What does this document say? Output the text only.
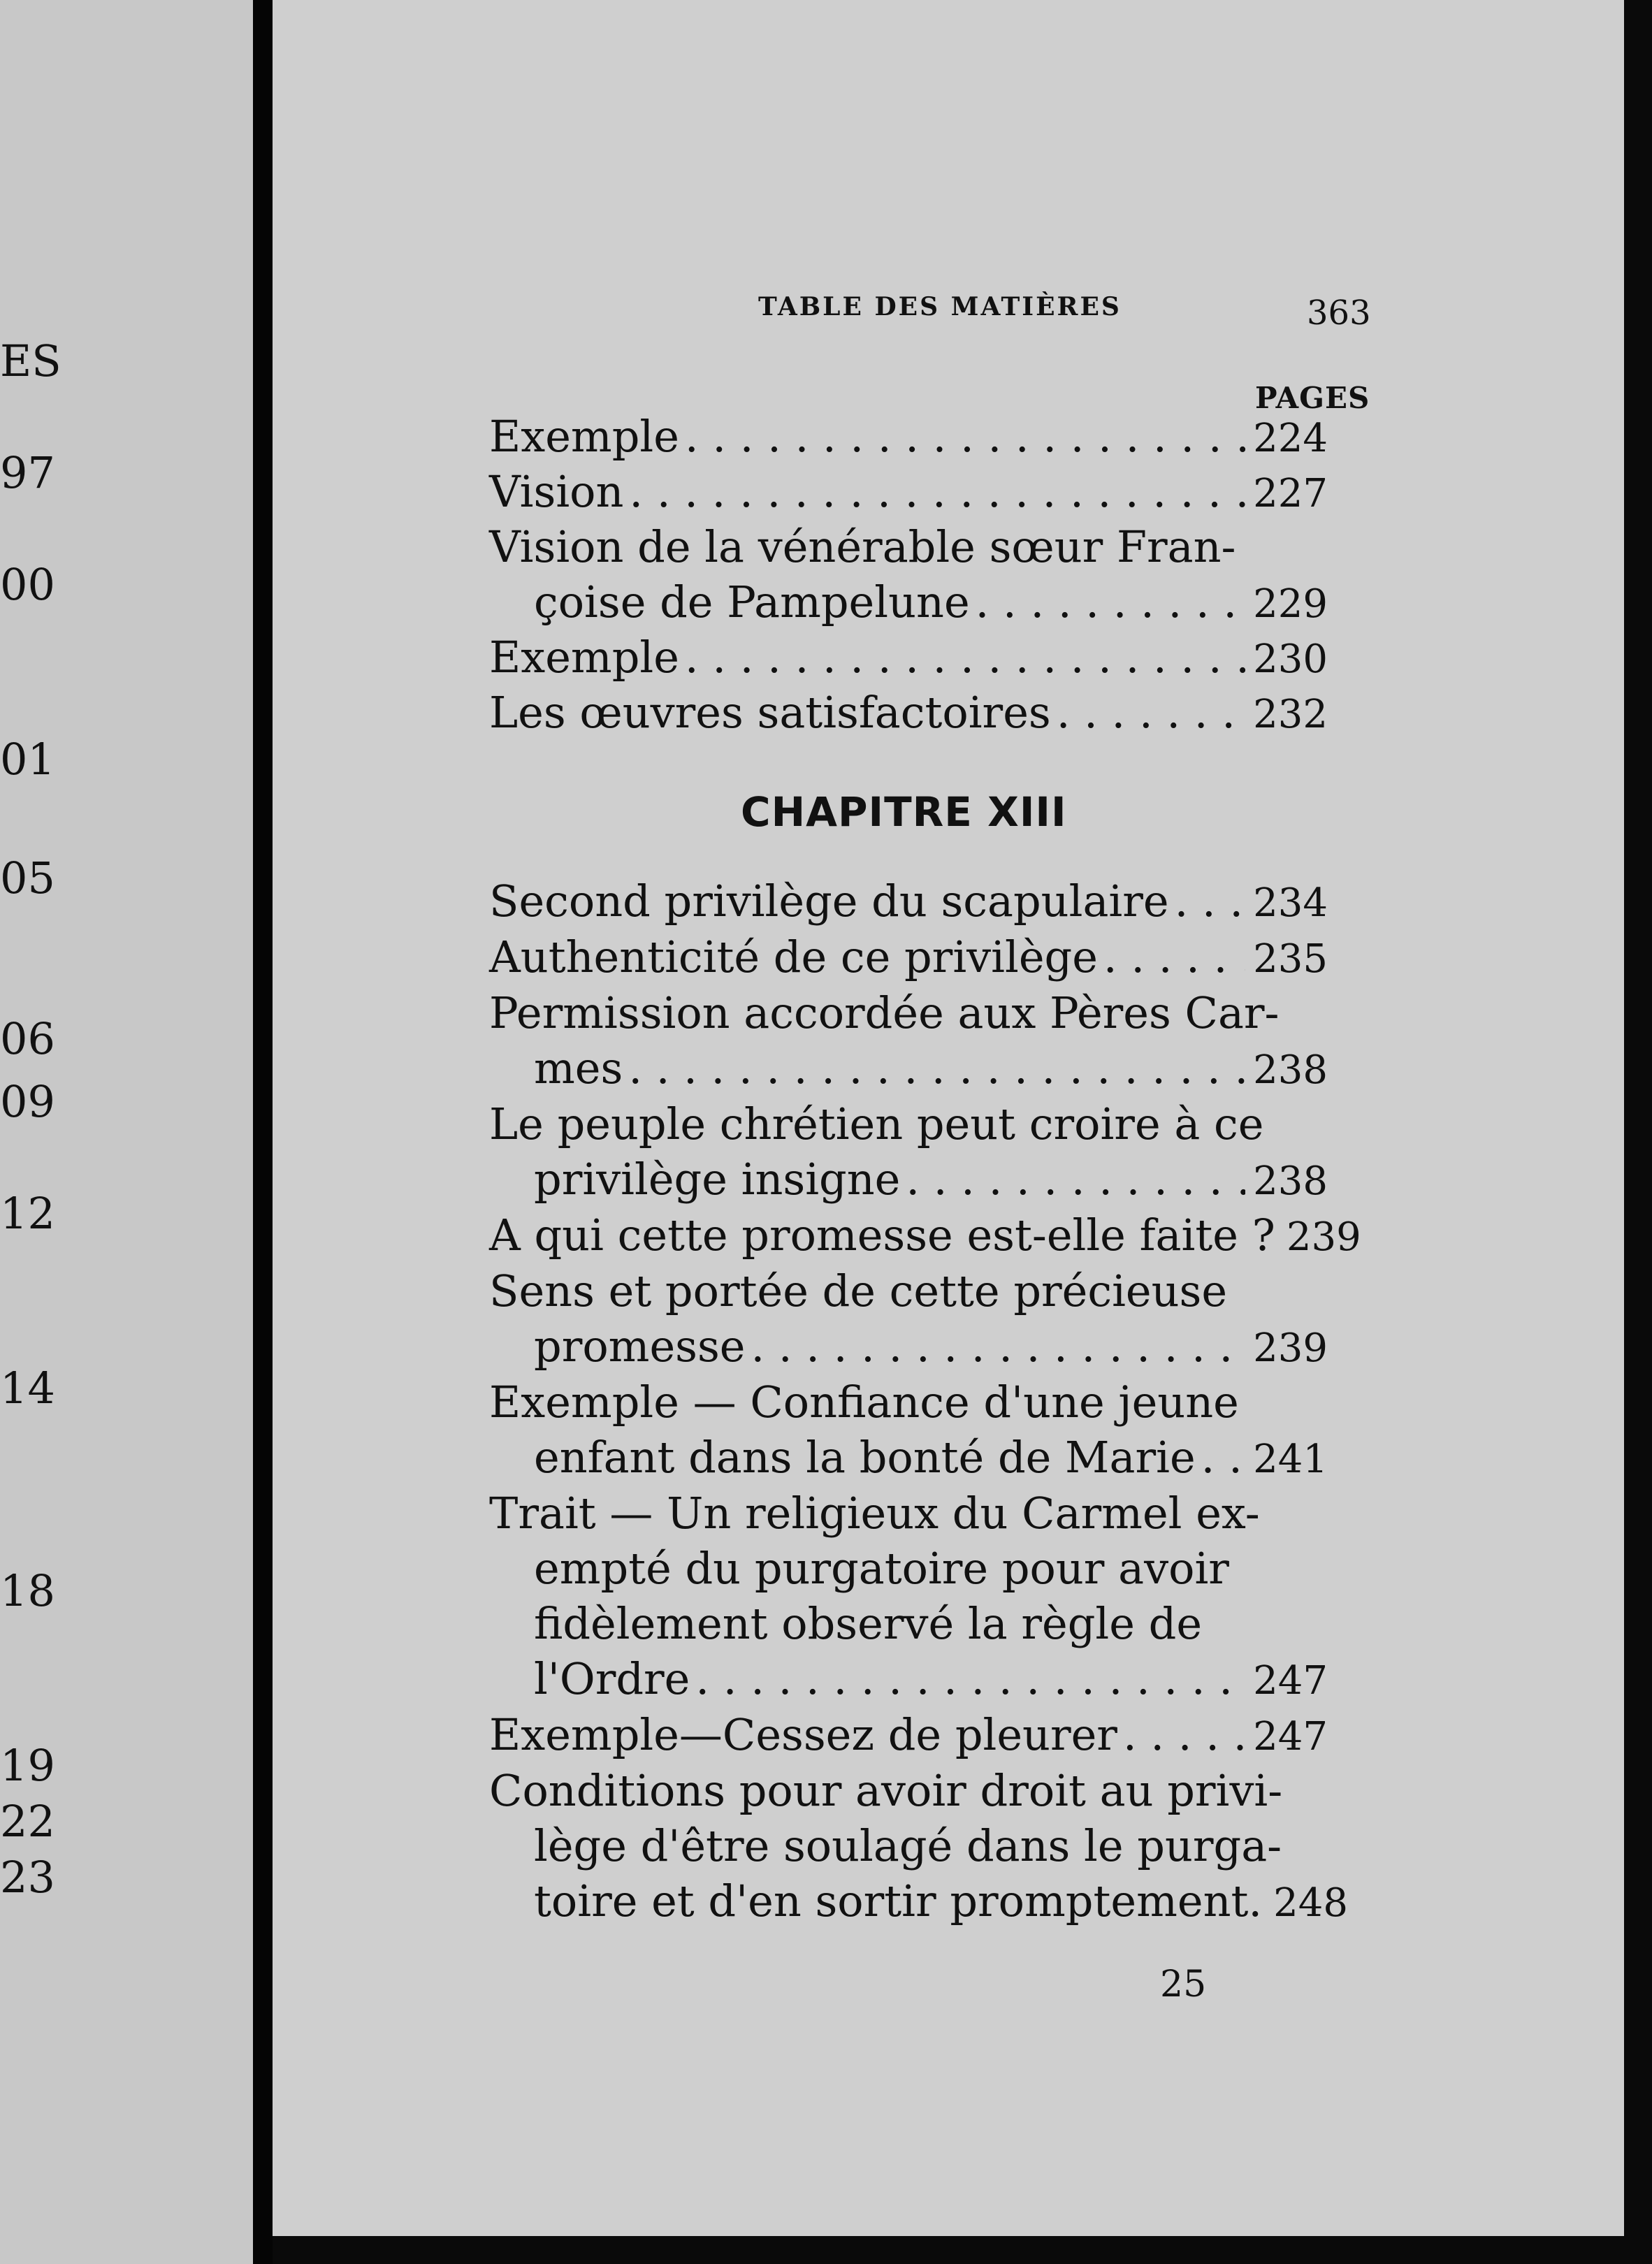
ES
97
00
01
05
06
09
12
14
18
19
22
23
TABLE DES MATIÈRES	363
PAGES
CHAPITRE XIII
25
Exemple . . .	224
Vision . . .	227
Vision de la vénérable sœur Fran-
çoise de Pampelune . . .	229
Exemple . . .	230
Les œuvres satisfactoires . . .	232
Second privilège du scapulaire . . . 234
Authenticité de ce privilège . . .	235
Permission accordée aux Pères Car-
mes . . .	238
Le peuple chrétien peut croire à ce
privilège insigne . . .	238
A qui cette promesse est-elle faite ? 239
Sens et portée de cette précieuse
promesse . . .	239
Exemple — Confiance d'une jeune
enfant dans la bonté de Marie . . . 241
Trait — Un religieux du Carmel ex-
empté du purgatoire pour avoir
fidèlement observé la règle de
l'Ordre . . .	247
Exemple—Cessez de pleurer . . .	247
Conditions pour avoir droit au privi-
lège d'être soulagé dans le purga-
toire et d'en sortir promptement. 248
